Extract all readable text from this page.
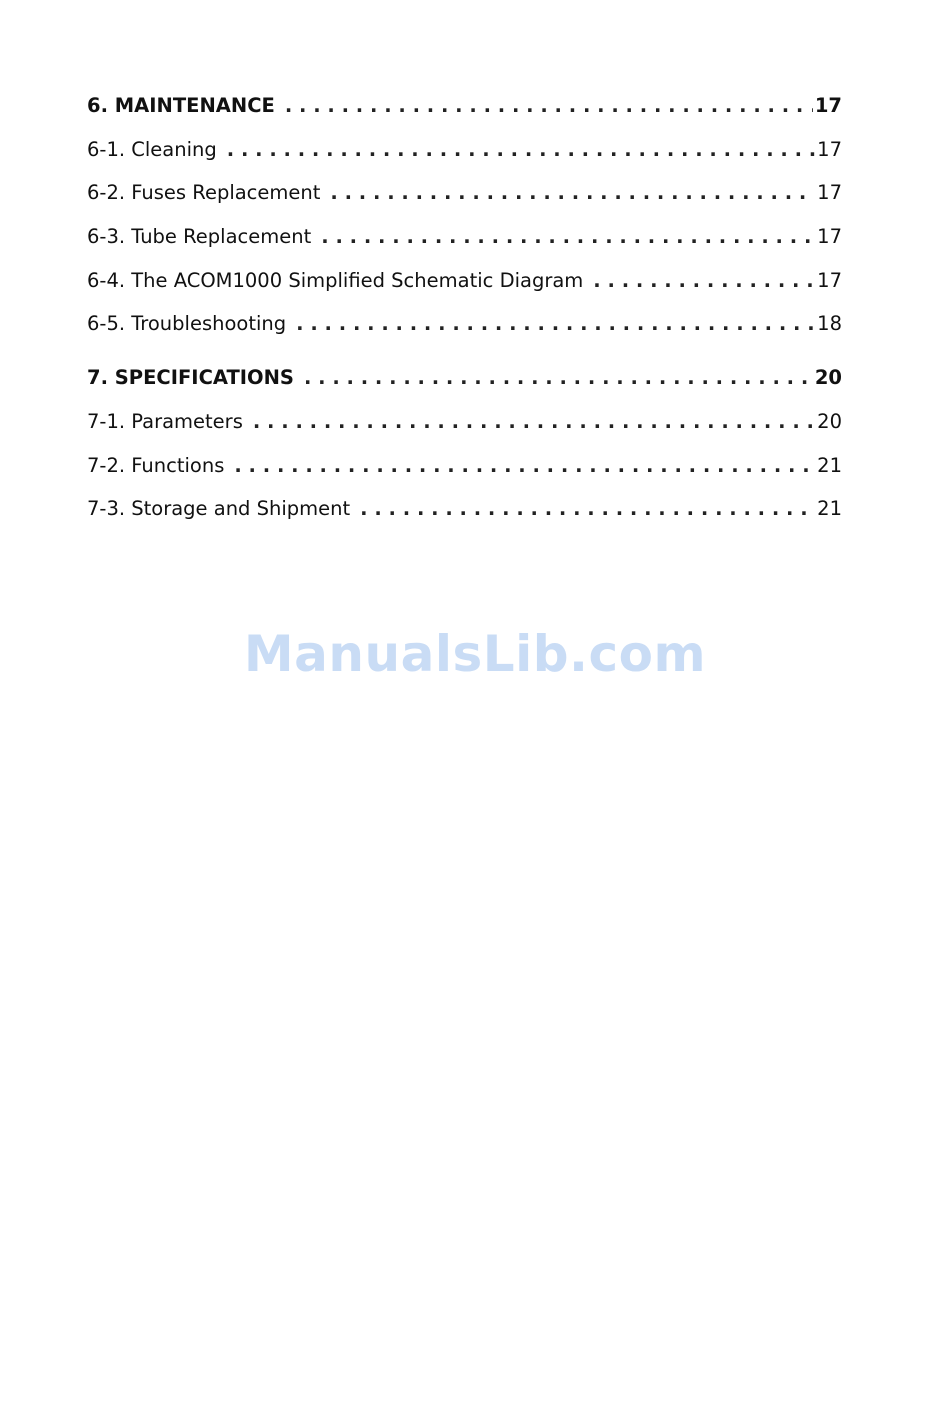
6. MAINTENANCE . . .	17
6-1. Cleaning . . .	17
6-2. Fuses Replacement . . .	17
6-3. Tube Replacement . . .	17
6-4. The ACOM1000 Simplified Schematic Diagram . . .	17
6-5. Troubleshooting . . .	18
7. SPECIFICATIONS . . .	20
7-1. Parameters . . .	20
7-2. Functions . . .	21
7-3. Storage and Shipment . . .	21
ManualsLib.com
